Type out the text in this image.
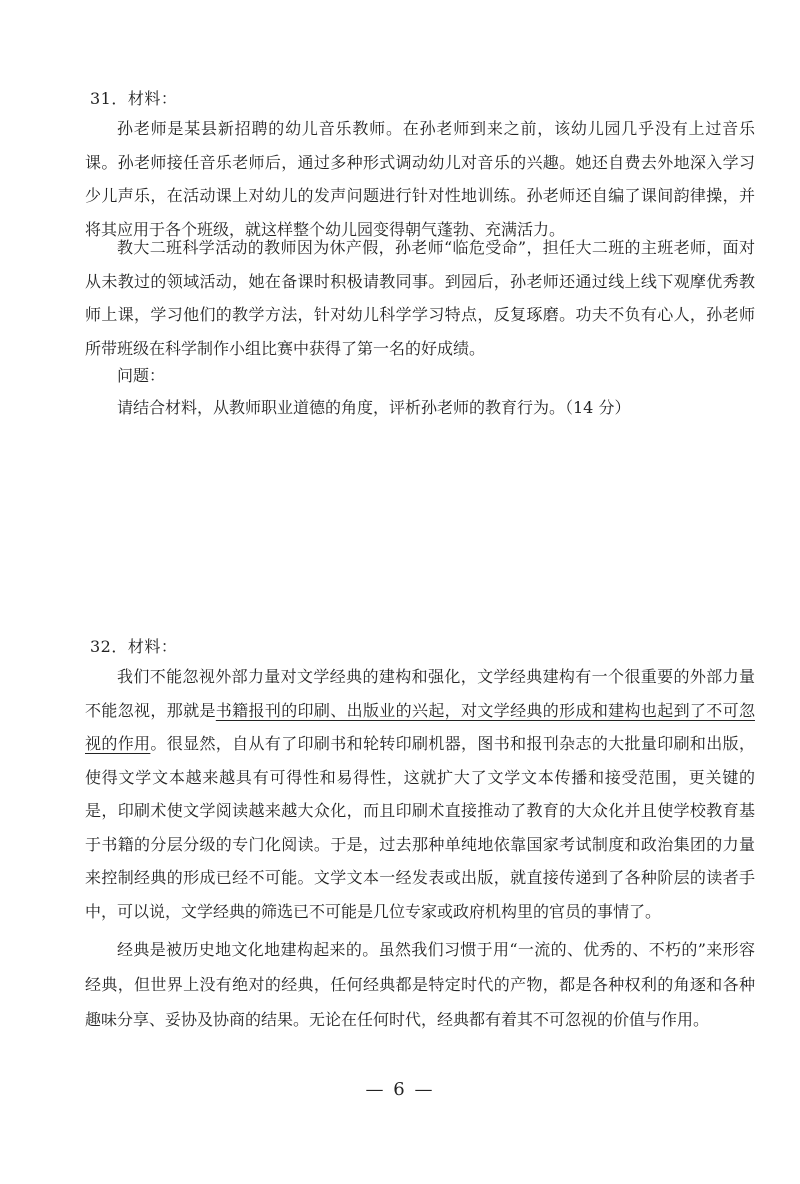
31．材料：

孙老师是某县新招聘的幼儿音乐教师。在孙老师到来之前，该幼儿园几乎没有上过音乐课。孙老师接任音乐老师后，通过多种形式调动幼儿对音乐的兴趣。她还自费去外地深入学习少儿声乐，在活动课上对幼儿的发声问题进行针对性地训练。孙老师还自编了课间韵律操，并将其应用于各个班级，就这样整个幼儿园变得朝气蓬勃、充满活力。

教大二班科学活动的教师因为休产假，孙老师“临危受命”，担任大二班的主班老师，面对从未教过的领域活动，她在备课时积极请教同事。到园后，孙老师还通过线上线下观摩优秀教师上课，学习他们的教学方法，针对幼儿科学学习特点，反复琢磨。功夫不负有心人，孙老师所带班级在科学制作小组比赛中获得了第一名的好成绩。

问题：
请结合材料，从教师职业道德的角度，评析孙老师的教育行为。（14 分）
32．材料：

我们不能忽视外部力量对文学经典的建构和强化，文学经典建构有一个很重要的外部力量不能忽视，那就是书籍报刊的印刷、出版业的兴起，对文学经典的形成和建构也起到了不可忽视的作用。很显然，自从有了印刷书和轮转印刷机器，图书和报刊杂志的大批量印刷和出版，使得文学文本越来越具有可得性和易得性，这就扩大了文学文本传播和接受范围，更关键的是，印刷术使文学阅读越来越大众化，而且印刷术直接推动了教育的大众化并且使学校教育基于书籍的分层分级的专门化阅读。于是，过去那种单纯地依靠国家考试制度和政治集团的力量来控制经典的形成已经不可能。文学文本一经发表或出版，就直接传递到了各种阶层的读者手中，可以说，文学经典的筛选已不可能是几位专家或政府机构里的官员的事情了。

经典是被历史地文化地建构起来的。虽然我们习惯于用“一流的、优秀的、不朽的”来形容经典，但世界上没有绝对的经典，任何经典都是特定时代的产物，都是各种权利的角逐和各种趣味分享、妥协及协商的结果。无论在任何时代，经典都有着其不可忽视的价值与作用。

— 6 —
